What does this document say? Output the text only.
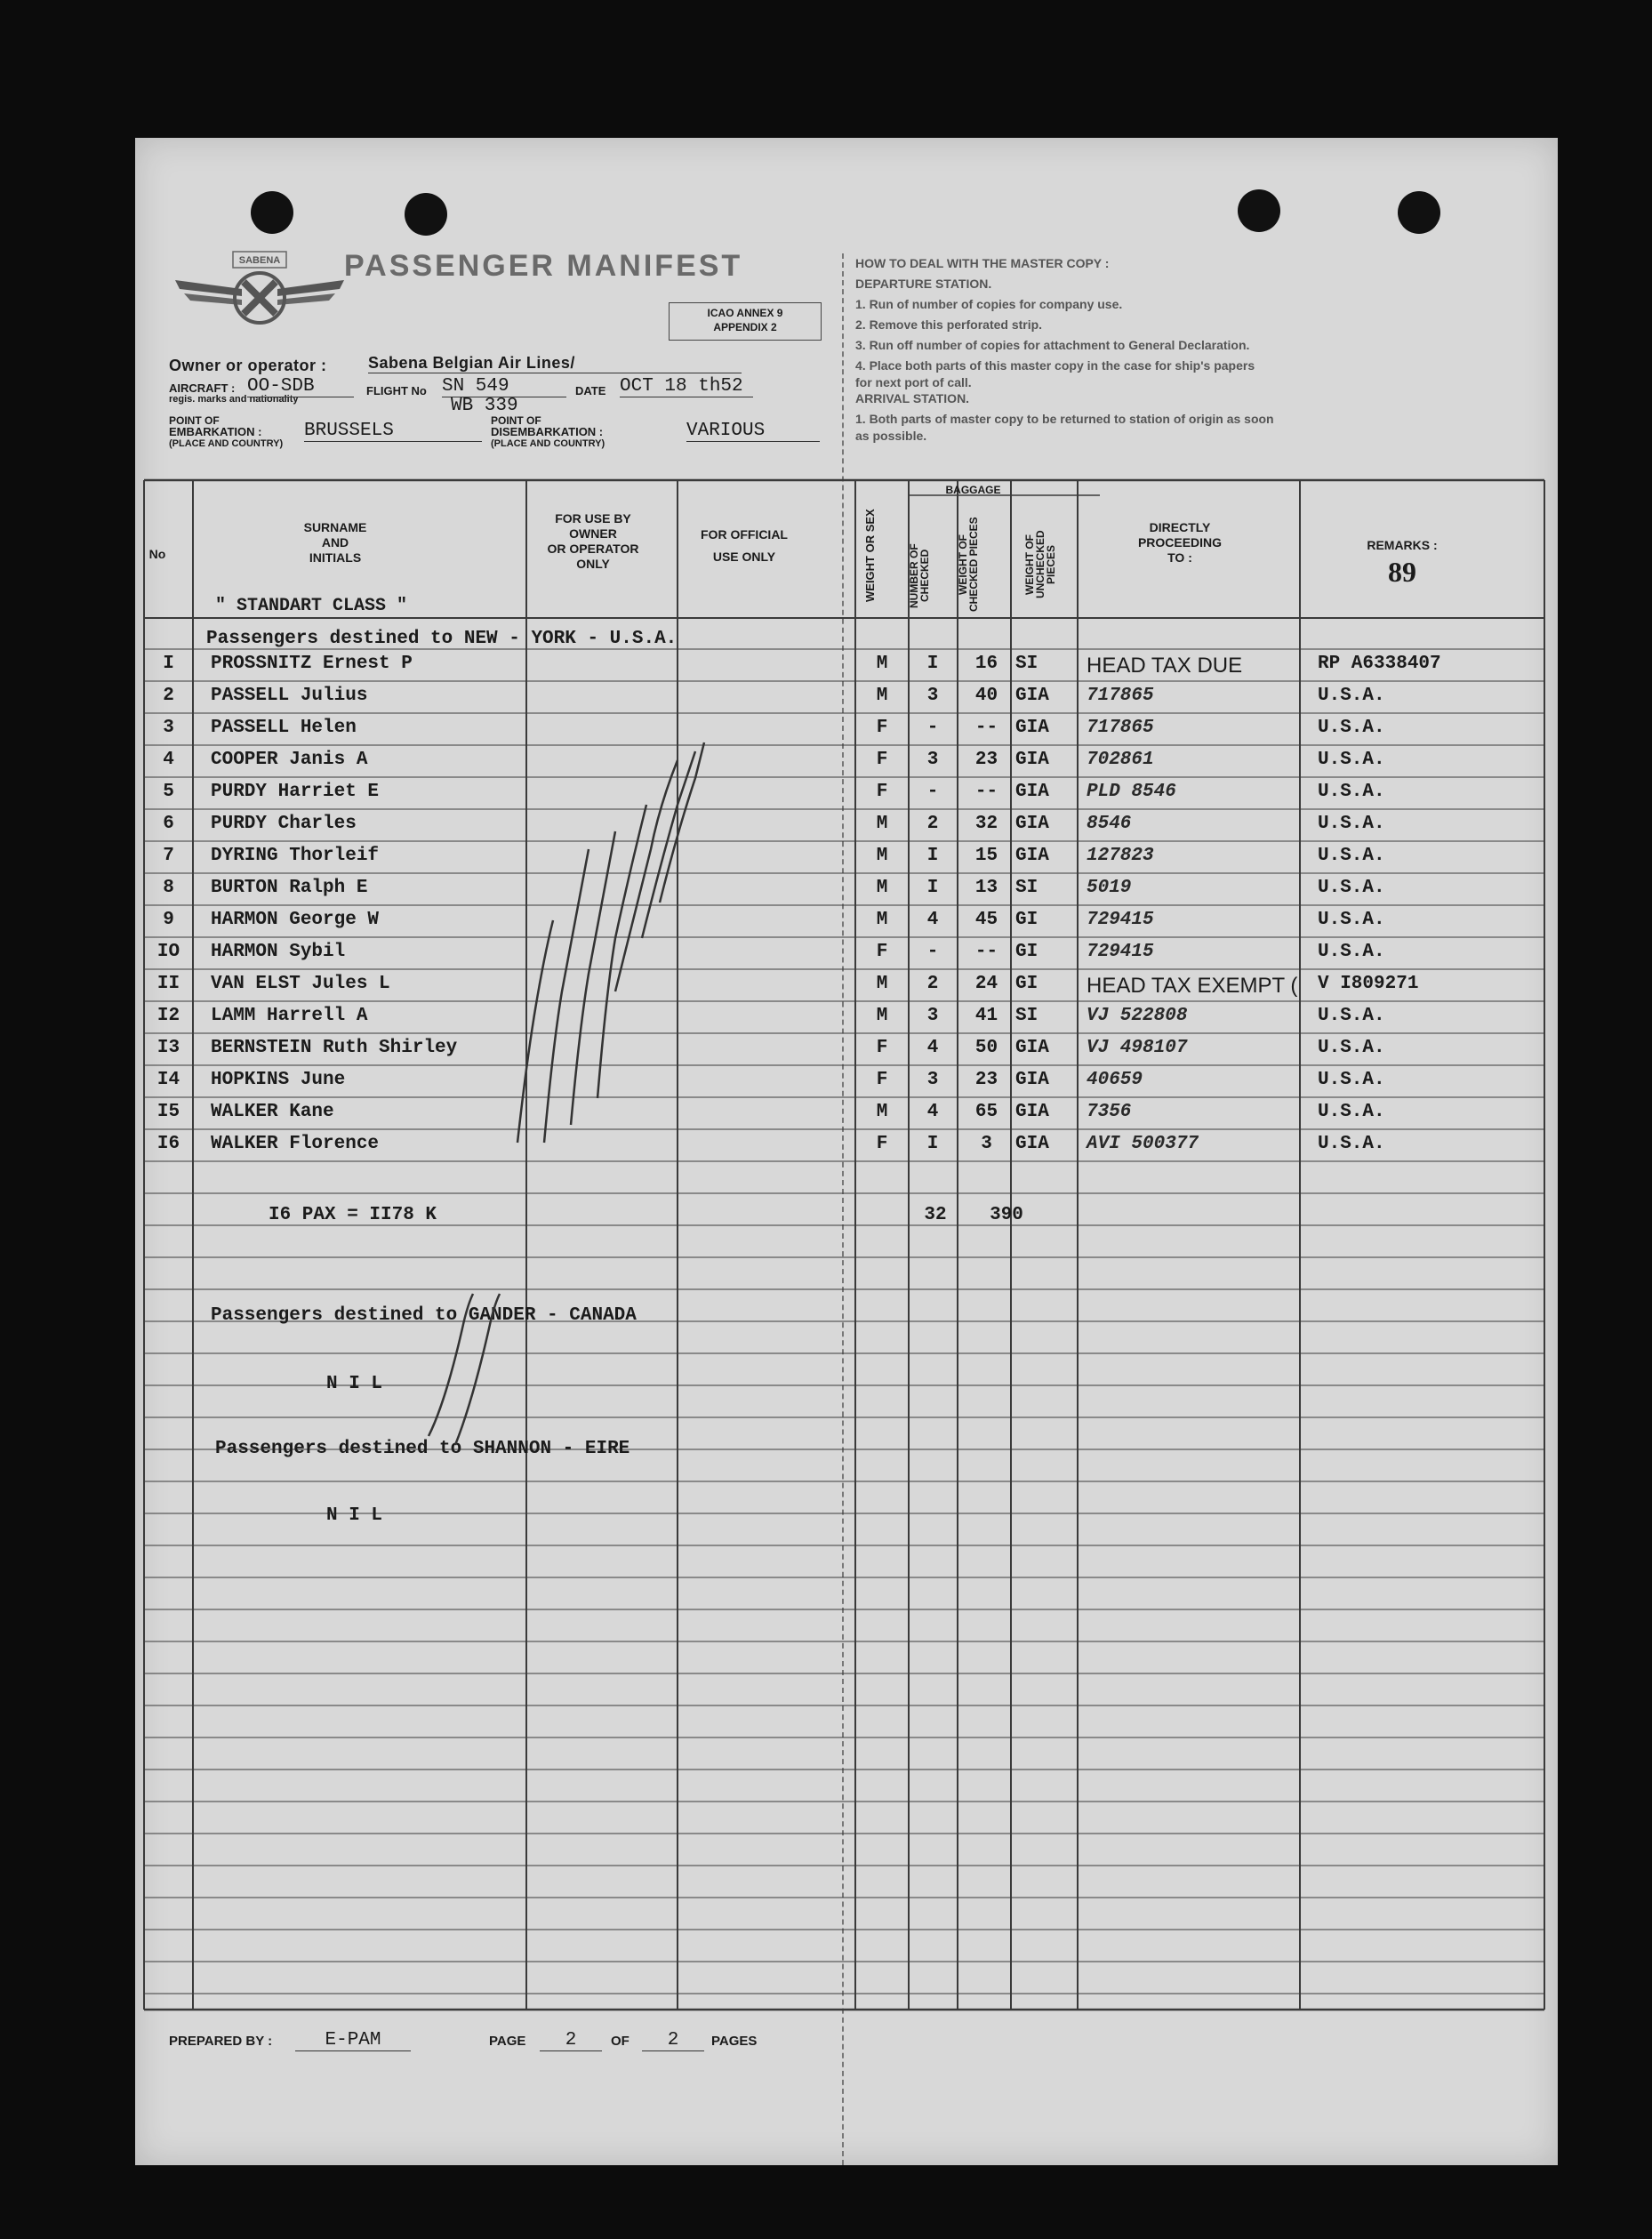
SABENA PASSENGER MANIFEST
ICAO ANNEX 9
APPENDIX 2
Owner or operator :	Sabena Belgian Air Lines/
AIRCRAFT :
regis. marks and nationality
OO-SDB	FLIGHT No SN 549
WB 339
DATE OCT 18 th52
POINT OF
EMBARKATION :
(PLACE AND COUNTRY)
BRUSSELS	POINT OF
DISEMBARKATION :
(PLACE AND COUNTRY)
VARIOUS
HOW TO DEAL WITH THE MASTER COPY :
DEPARTURE STATION.
1. Run of number of copies for company use.
2. Remove this perforated strip.
3. Run off number of copies for attachment to General Declaration.
4. Place both parts of this master copy in the case for ship's papers
for next port of call.
ARRIVAL STATION.
1. Both parts of master copy to be returned to station of origin as soon
as possible.
No
SURNAME
AND
INITIALS
" STANDART CLASS "
FOR USE BY
OWNER
OR OPERATOR
ONLY
FOR OFFICIAL
USE ONLY	WEIGHT OR SEX
BAGGAGE
NUMBER OF CHECKED WEIGHT OF CHECKED PIECES	WEIGHT OF UNCHECKED PIECES
DIRECTLY
PROCEEDING
TO :
REMARKS :
89
Passengers destined to NEW - YORK - U.S.A.
I	PROSSNITZ Ernest P	M	I	16 SI	HEAD TAX DUE	RP A6338407
2	PASSELL Julius	M	3	40 GIA	717865	U.S.A.
3	PASSELL Helen	F	-	-- GIA	717865	U.S.A.
4	COOPER Janis A	F	3	23 GIA	702861	U.S.A.
5	PURDY Harriet E	F	-	-- GIA	PLD 8546	U.S.A.
6	PURDY Charles	M	2	32 GIA	8546	U.S.A.
7	DYRING Thorleif	M	I	15 GIA	127823	U.S.A.
8	BURTON Ralph E	M	I	13 SI	5019	U.S.A.
9	HARMON George W	M	4	45 GI	729415	U.S.A.
IO	HARMON Sybil	F	-	-- GI	729415	U.S.A.
II	VAN ELST Jules L	M	2	24 GI	HEAD TAX EXEMPT ( V I809271
I2	LAMM Harrell A	M	3	41 SI	VJ 522808	U.S.A.
I3	BERNSTEIN Ruth Shirley	F	4	50 GIA	VJ 498107	U.S.A.
I4	HOPKINS June	F	3	23 GIA	40659	U.S.A.
I5	WALKER Kane	M	4	65 GIA	7356	U.S.A.
I6	WALKER Florence	F	I	3	GIA	AVI 500377	U.S.A.
I6 PAX = II78 K	32	390
Passengers destined to GANDER - CANADA
N I L
Passengers destined to SHANNON - EIRE
N I L
PREPARED BY :	E-PAM	PAGE	2	OF	2	PAGES
